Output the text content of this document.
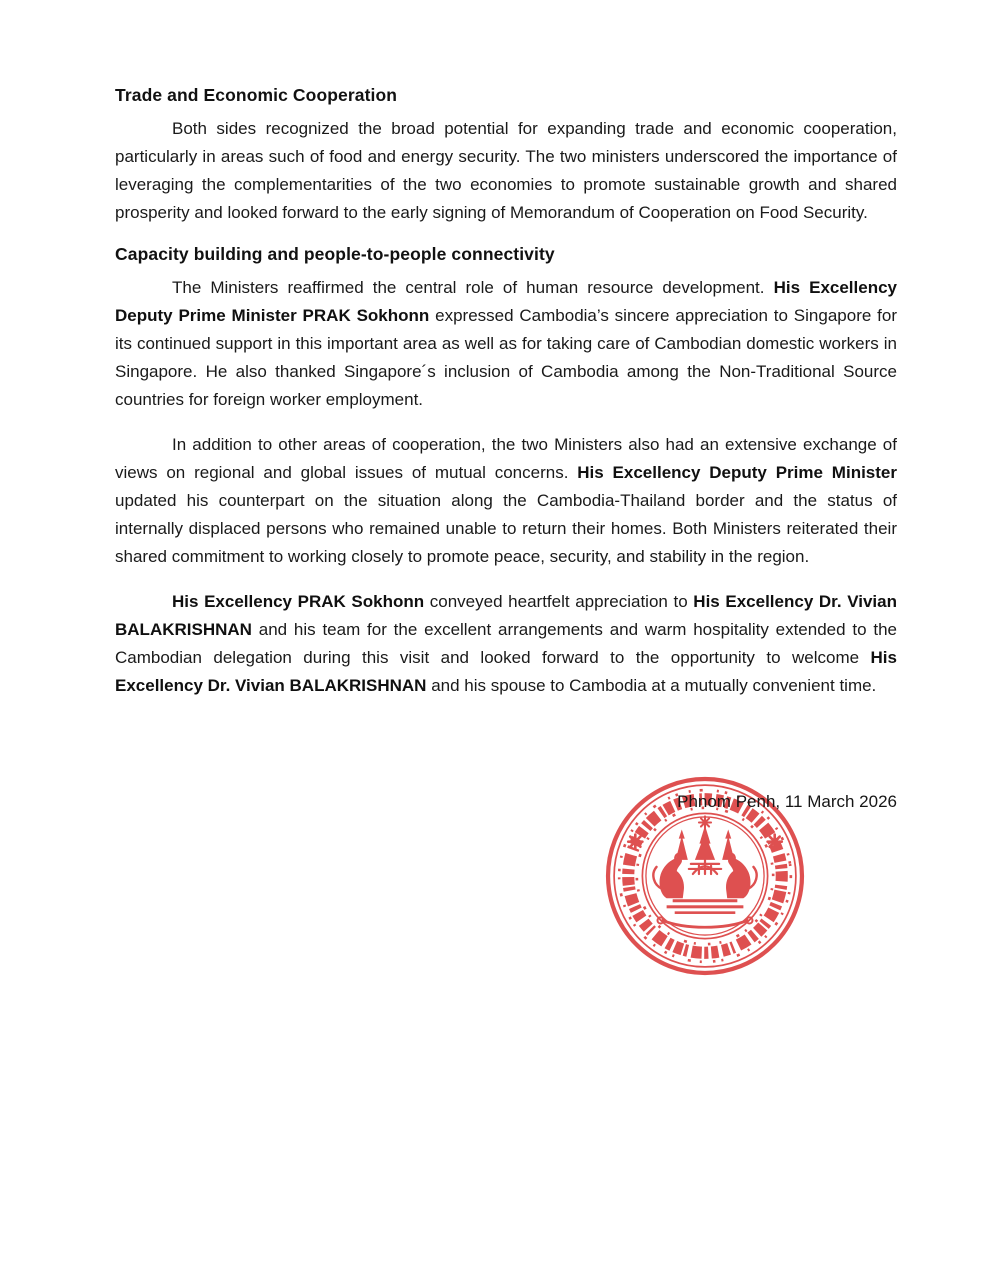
Trade and Economic Cooperation

Both sides recognized the broad potential for expanding trade and economic cooperation, particularly in areas such of food and energy security. The two ministers underscored the importance of leveraging the complementarities of the two economies to promote sustainable growth and shared prosperity and looked forward to the early signing of Memorandum of Cooperation on Food Security.

Capacity building and people-to-people connectivity

The Ministers reaffirmed the central role of human resource development. His Excellency Deputy Prime Minister PRAK Sokhonn expressed Cambodia’s sincere appreciation to Singapore for its continued support in this important area as well as for taking care of Cambodian domestic workers in Singapore. He also thanked Singapore´s inclusion of Cambodia among the Non-Traditional Source countries for foreign worker employment.

In addition to other areas of cooperation, the two Ministers also had an extensive exchange of views on regional and global issues of mutual concerns. His Excellency Deputy Prime Minister updated his counterpart on the situation along the Cambodia-Thailand border and the status of internally displaced persons who remained unable to return their homes. Both Ministers reiterated their shared commitment to working closely to promote peace, security, and stability in the region.

His Excellency PRAK Sokhonn conveyed heartfelt appreciation to His Excellency Dr. Vivian BALAKRISHNAN and his team for the excellent arrangements and warm hospitality extended to the Cambodian delegation during this visit and looked forward to the opportunity to welcome His Excellency Dr. Vivian BALAKRISHNAN and his spouse to Cambodia at a mutually convenient time.

Phnom Penh, 11 March 2026
